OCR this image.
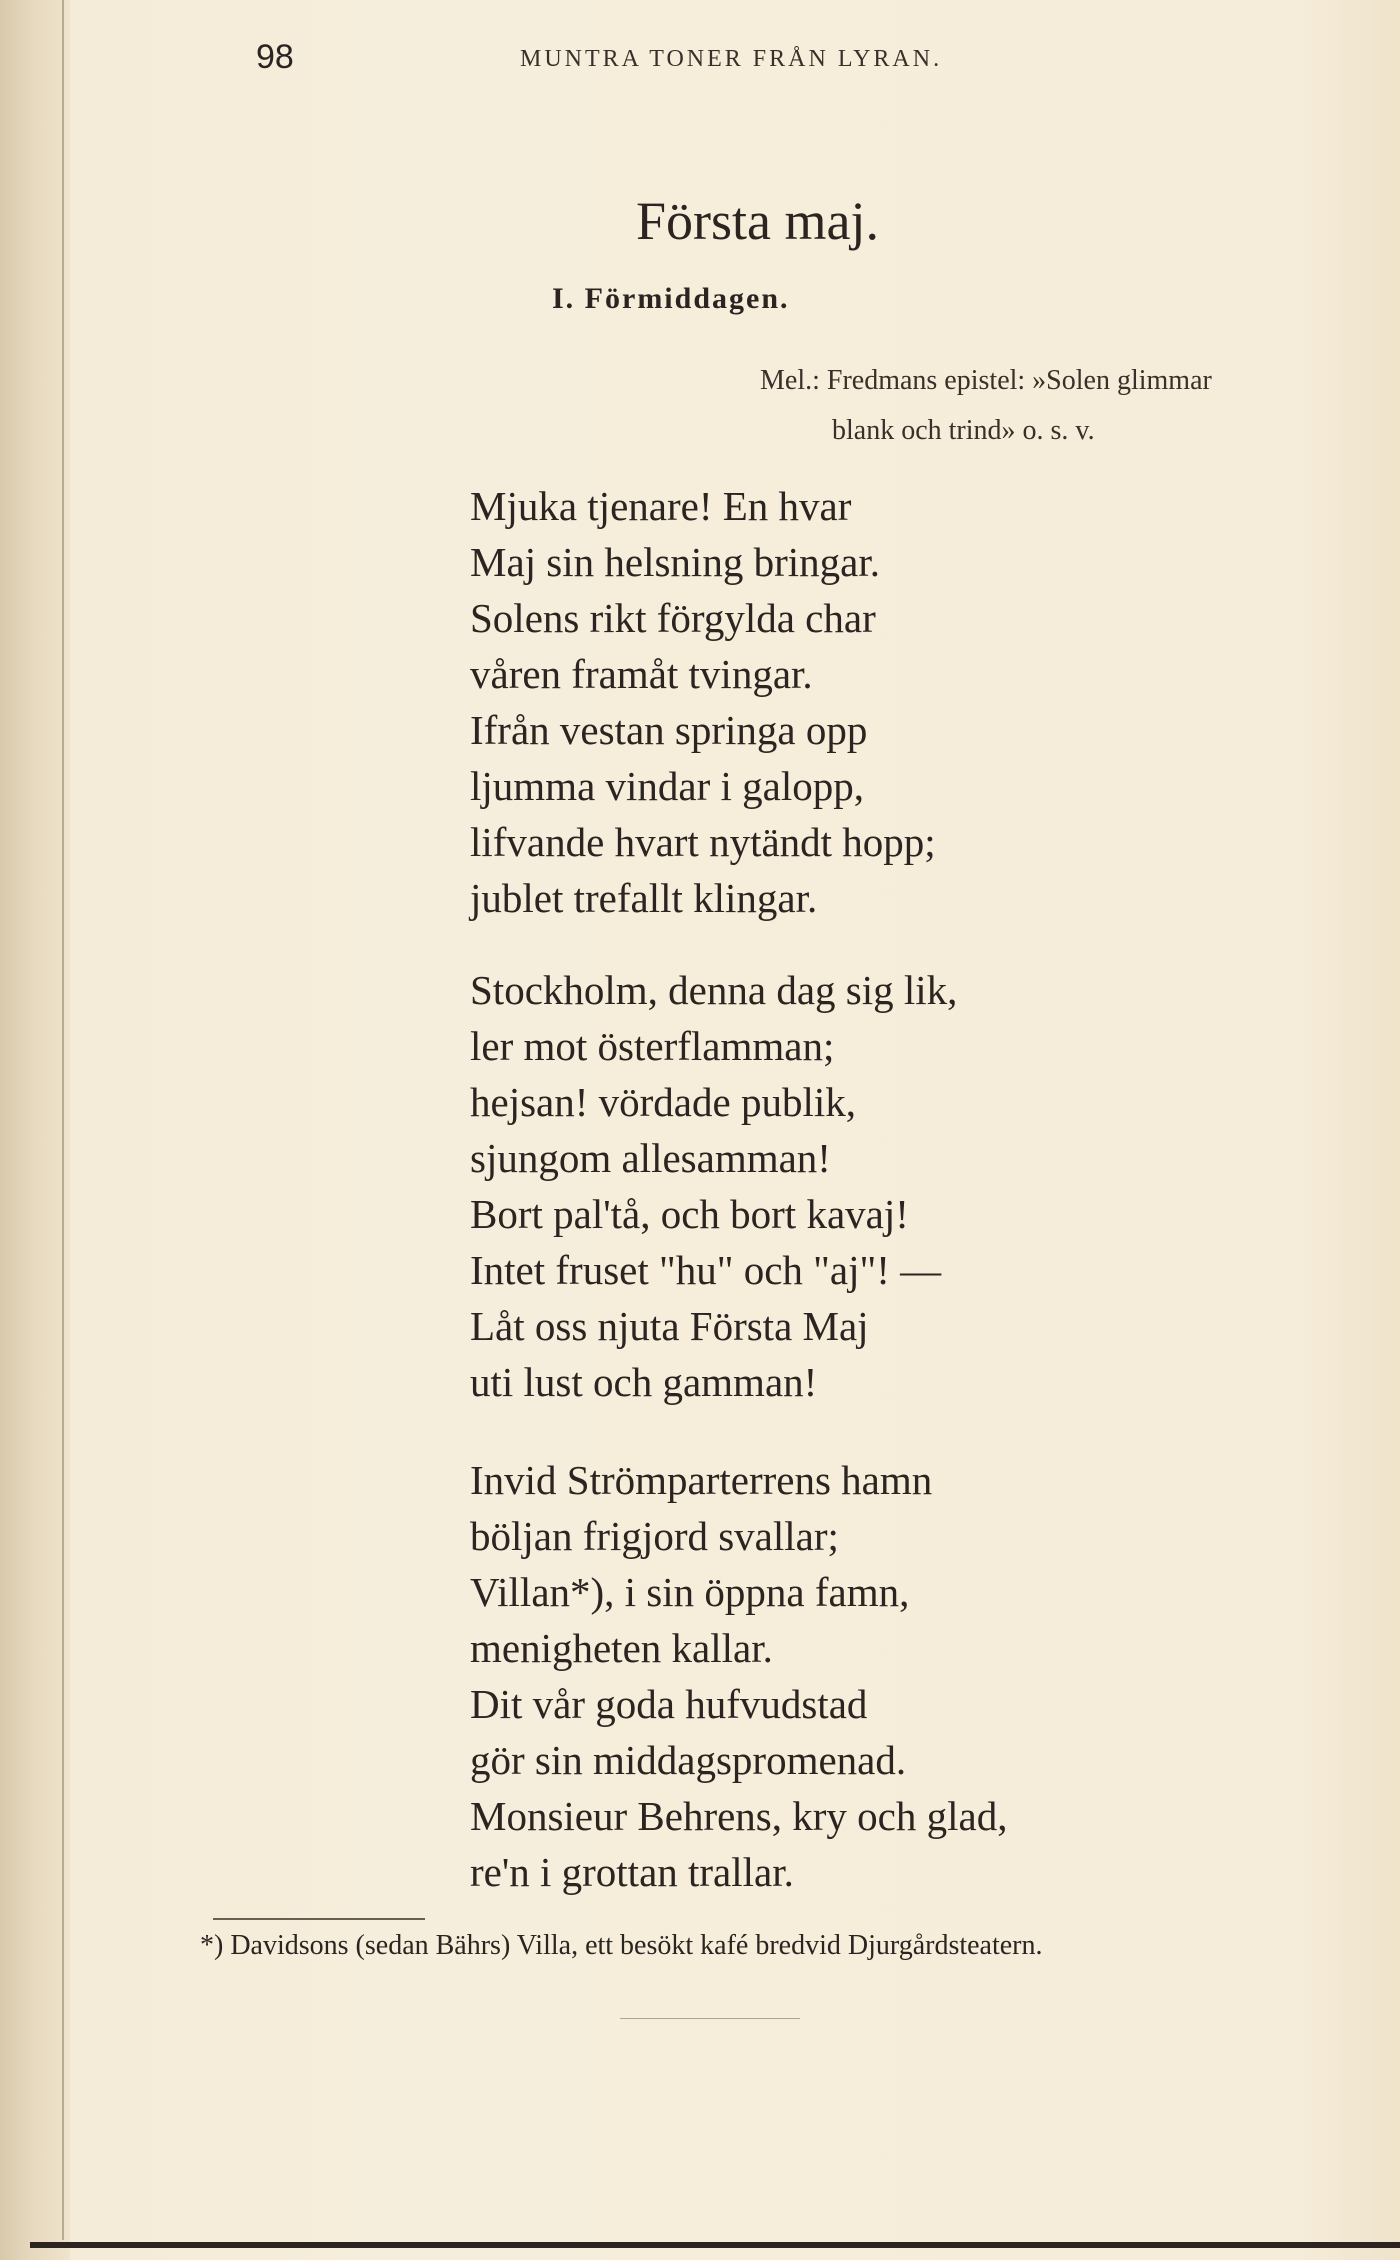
98	MUNTRA TONER FRÅN LYRAN.
Första maj.
I. Förmiddagen.
Mel.: Fredmans epistel: »Solen glimmar
blank och trind» o. s. v.
Mjuka tjenare! En hvar
Maj sin helsning bringar.
Solens rikt förgylda char
våren framåt tvingar.
Ifrån vestan springa opp
ljumma vindar i galopp,
lifvande hvart nytändt hopp;
jublet trefallt klingar.
Stockholm, denna dag sig lik,
ler mot österflamman;
hejsan! vördade publik,
sjungom allesamman!
Bort pal'tå, och bort kavaj!
Intet fruset "hu" och "aj"! —
Låt oss njuta Första Maj
uti lust och gamman!
Invid Strömparterrens hamn
böljan frigjord svallar;
Villan*), i sin öppna famn,
menigheten kallar.
Dit vår goda hufvudstad
gör sin middagspromenad.
Monsieur Behrens, kry och glad,
re'n i grottan trallar.
*) Davidsons (sedan Bährs) Villa, ett besökt kafé bredvid Djurgårdsteatern.
